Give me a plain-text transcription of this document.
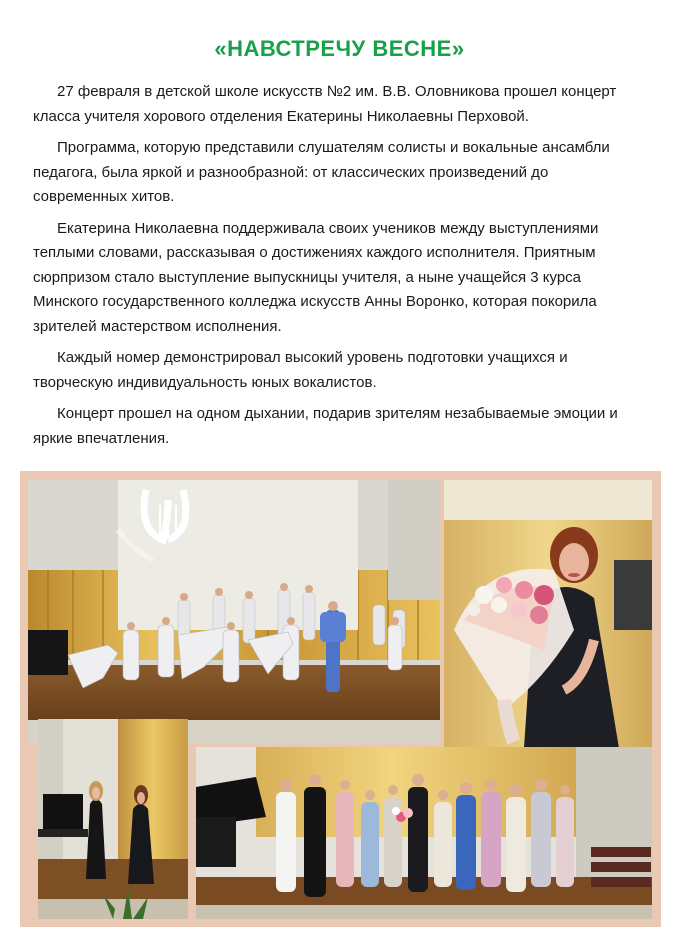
«НАВСТРЕЧУ ВЕСНЕ»

27 февраля в детской школе искусств №2 им. В.В. Оловникова прошел концерт класса учителя хорового отделения Екатерины Николаевны Перховой.

Программа, которую представили слушателям солисты и вокальные ансамбли педагога, была яркой и разнообразной: от классических произведений до современных хитов.

Екатерина Николаевна поддерживала своих учеников между выступлениями теплыми словами, рассказывая о достижениях каждого исполнителя. Приятным сюрпризом стало выступление выпускницы учителя, а ныне учащейся 3 курса Минского государственного колледжа искусств Анны Воронко, которая покорила зрителей мастерством исполнения.

Каждый номер демонстрировал высокий уровень подготовки учащихся и творческую индивидуальность юных вокалистов.

Концерт прошел на одном дыхании, подарив зрителям незабываемые эмоции и яркие впечатления.
